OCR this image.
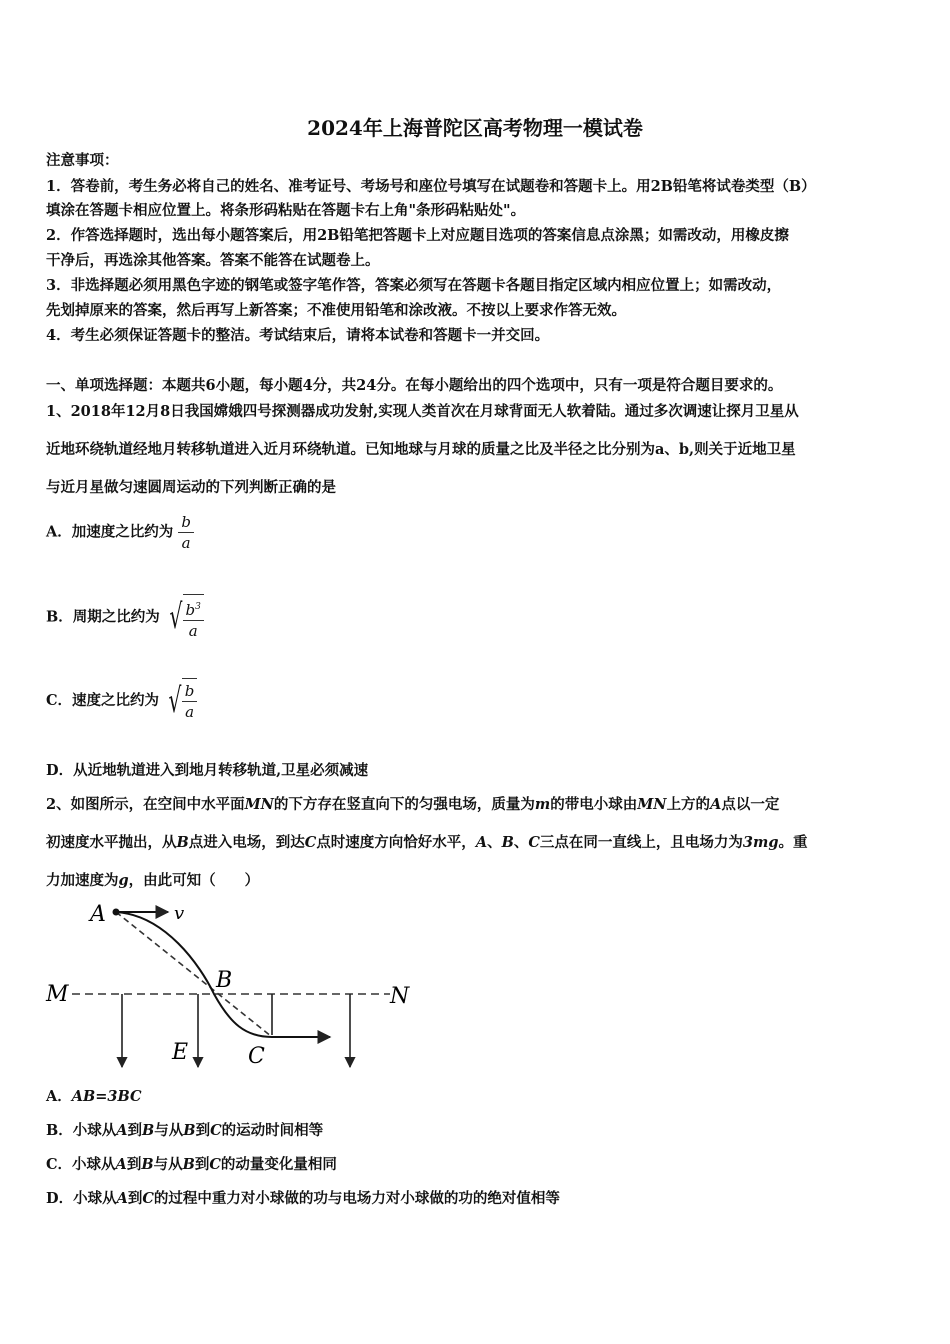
2024年上海普陀区高考物理一模试卷
注意事项：
1．答卷前，考生务必将自己的姓名、准考证号、考场号和座位号填写在试题卷和答题卡上。用2B铅笔将试卷类型（B）
填涂在答题卡相应位置上。将条形码粘贴在答题卡右上角"条形码粘贴处"。
2．作答选择题时，选出每小题答案后，用2B铅笔把答题卡上对应题目选项的答案信息点涂黑；如需改动，用橡皮擦
干净后，再选涂其他答案。答案不能答在试题卷上。
3．非选择题必须用黑色字迹的钢笔或签字笔作答，答案必须写在答题卡各题目指定区域内相应位置上；如需改动，
先划掉原来的答案，然后再写上新答案；不准使用铅笔和涂改液。不按以上要求作答无效。
4．考生必须保证答题卡的整洁。考试结束后，请将本试卷和答题卡一并交回。
一、单项选择题：本题共6小题，每小题4分，共24分。在每小题给出的四个选项中，只有一项是符合题目要求的。
1、2018年12月8日我国嫦娥四号探测器成功发射,实现人类首次在月球背面无人软着陆。通过多次调速让探月卫星从
近地环绕轨道经地月转移轨道进入近月环绕轨道。已知地球与月球的质量之比及半径之比分别为a、b,则关于近地卫星
与近月星做匀速圆周运动的下列判断正确的是
A．加速度之比约为 $\frac{b}{a}$
B．周期之比约为 √ $\frac{b^3}{a}$
C．速度之比约为 √ $\frac{b}{a}$
D．从近地轨道进入到地月转移轨道,卫星必须减速
2、如图所示，在空间中水平面MN的下方存在竖直向下的匀强电场，质量为m的带电小球由MN上方的A点以一定
初速度水平抛出，从B点进入电场，到达C点时速度方向恰好水平，A、B、C三点在同一直线上，且电场力为3mg。重
力加速度为g，由此可知（　　）
A	v
M
B
N
E	C
A．AB=3BC
B．小球从A到B与从B到C的运动时间相等
C．小球从A到B与从B到C的动量变化量相同
D．小球从A到C的过程中重力对小球做的功与电场力对小球做的功的绝对值相等
